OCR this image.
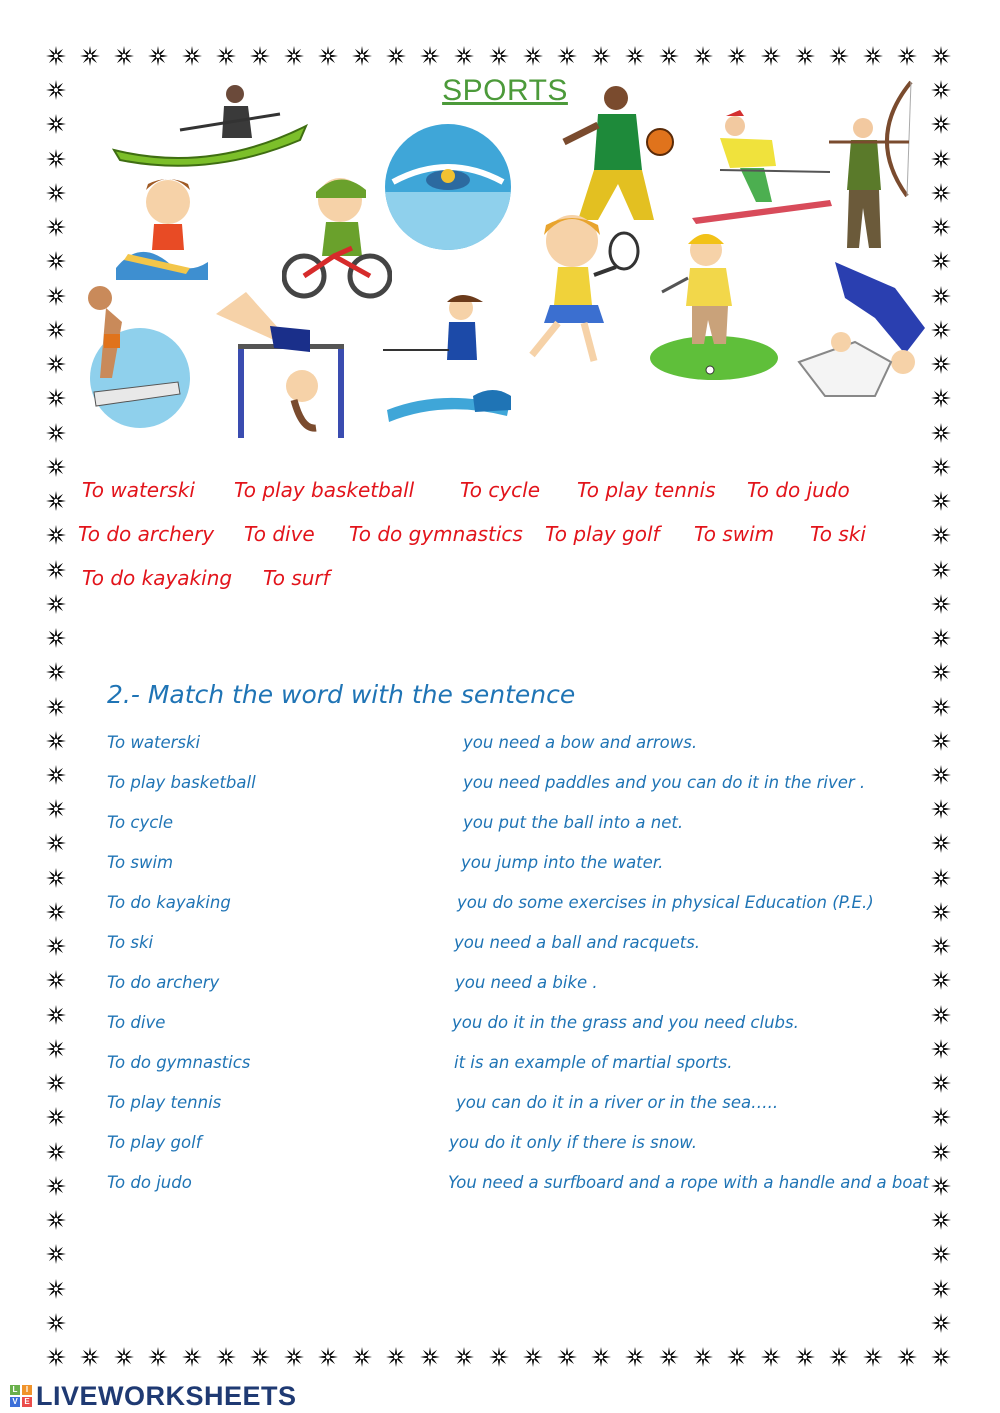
SPORTS
To waterski To play basketball To cycle To play tennis To do judo
To do archery To dive To do gymnastics To play golf To swim To ski
To do kayaking To surf
2.- Match the word with the sentence
To waterski
To play basketball
To cycle
To swim
To do kayaking
To ski
To do archery
To dive
To do gymnastics
To play tennis
To play golf
To do judo
you need a bow and arrows.
you need paddles and you can do it in the river .
you put the ball into a net.
you jump into the water.
you do some exercises in physical Education (P.E.)
you need a ball and racquets.
you need a bike .
you do it in the grass and you need clubs.
it is an example of martial sports.
you can do it in a river or in the sea…..
you do it only if there is snow.
You need a surfboard and a rope with a handle and a boat
L	I
V E LIVEWORKSHEETS
